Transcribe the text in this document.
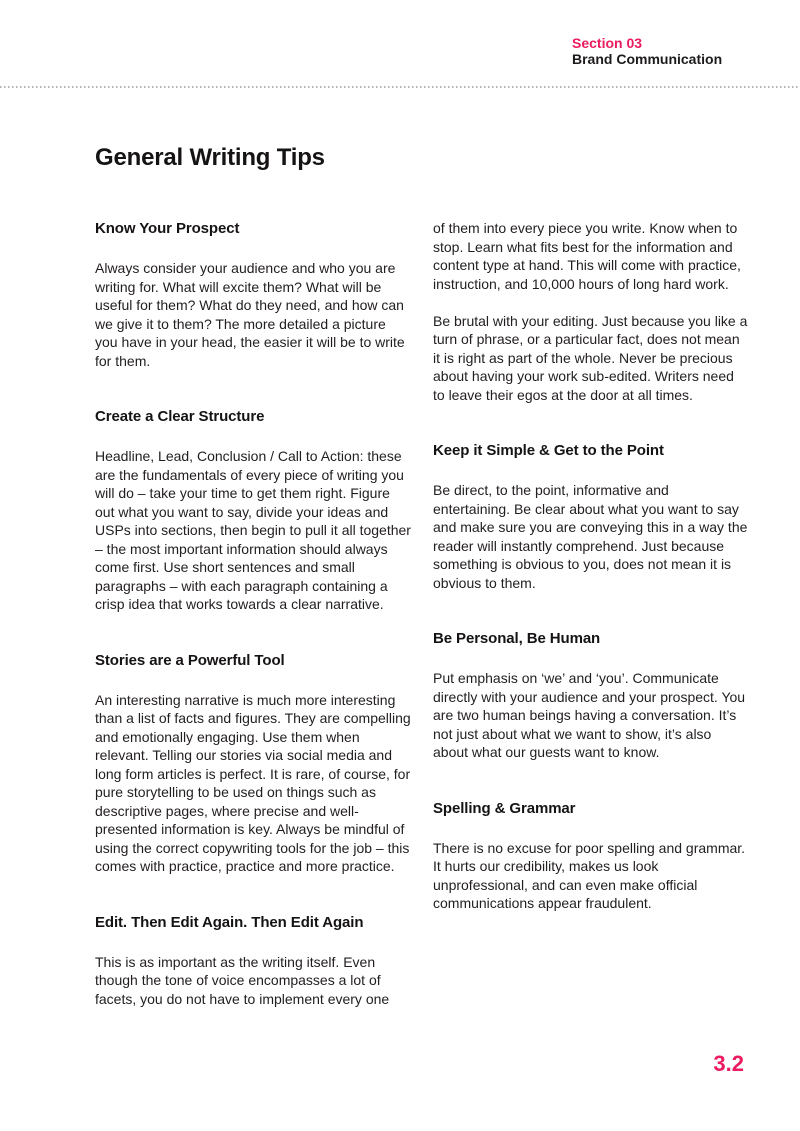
Section 03
Brand Communication
General Writing Tips
Know Your Prospect

Always consider your audience and who you are writing for. What will excite them? What will be useful for them? What do they need, and how can we give it to them? The more detailed a picture you have in your head, the easier it will be to write for them.

Create a Clear Structure

Headline, Lead, Conclusion / Call to Action: these are the fundamentals of every piece of writing you will do – take your time to get them right. Figure out what you want to say, divide your ideas and USPs into sections, then begin to pull it all together – the most important information should always come first. Use short sentences and small paragraphs – with each paragraph containing a crisp idea that works towards a clear narrative.

Stories are a Powerful Tool

An interesting narrative is much more interesting than a list of facts and figures. They are compelling and emotionally engaging. Use them when relevant. Telling our stories via social media and long form articles is perfect. It is rare, of course, for pure storytelling to be used on things such as descriptive pages, where precise and well-presented information is key. Always be mindful of using the correct copywriting tools for the job – this comes with practice, practice and more practice.

Edit. Then Edit Again. Then Edit Again

This is as important as the writing itself. Even though the tone of voice encompasses a lot of facets, you do not have to implement every one

of them into every piece you write. Know when to stop. Learn what fits best for the information and content type at hand. This will come with practice, instruction, and 10,000 hours of long hard work.

Be brutal with your editing. Just because you like a turn of phrase, or a particular fact, does not mean it is right as part of the whole. Never be precious about having your work sub-edited. Writers need to leave their egos at the door at all times.

Keep it Simple & Get to the Point

Be direct, to the point, informative and entertaining. Be clear about what you want to say and make sure you are conveying this in a way the reader will instantly comprehend. Just because something is obvious to you, does not mean it is obvious to them.

Be Personal, Be Human

Put emphasis on ‘we’ and ‘you’. Communicate directly with your audience and your prospect. You are two human beings having a conversation. It’s not just about what we want to show, it’s also about what our guests want to know.

Spelling & Grammar

There is no excuse for poor spelling and grammar. It hurts our credibility, makes us look unprofessional, and can even make official communications appear fraudulent.

3.2
